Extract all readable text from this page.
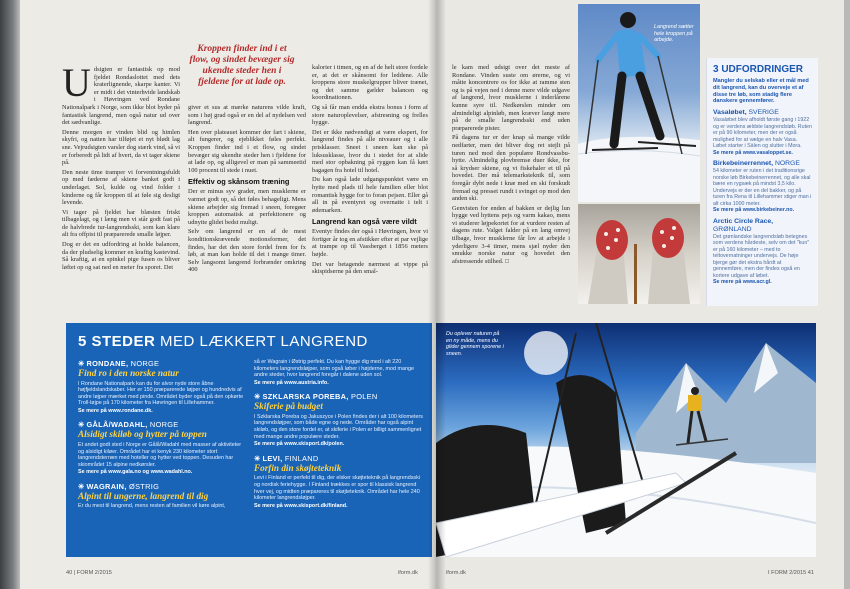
U dsigten er fantastisk op mod fjeldet Rondaslottet med dets kraterlignende, skarpe kanter. Vi er midt i det vinterhvide landskab i Høvringen ved Rondane Nationalpark i Norge, som ikke blot byder på fantastisk langrend, men også natur ud over det sædvanlige.

Denne morgen er vinden blid og himlen skyfri, og natten har tilføjet et nyt blødt lag sne. Vejrudsigten varsler dog stærk vind, så vi er forberedt på lidt af hvert, da vi tager skiene på.

Den neste time tramper vi forventningsfuldt op med fæderne af skiene banket godt i underlaget. Sol, kulde og vind folder i kinderne og får kroppen til at føle sig desligt levende.

Vi tager på fjeldet har blæsten friskt tilbagelagt, og i læng men vi står godt fast på de halvbrede tur-langrendsski, som kan klare alt fra offpist til præparerede smalle løjper.

Dog er det en udfordring at holde balancen, da der pludselig kommer en kraftig kastevind. Så kraftig, at en spinkel pige fusen os bliver løftet op og sat ned en meter fra sporet. Det

Kroppen finder ind i et flow, og sindet bevæger sig ukendte steder hen i fjeldene for at lade op.

giver et sus at mærke naturens vilde kraft, som i høj grad også er en del af nydelsen ved langrend.

Hen over plateauet kommer der fart i skiene, alt fungerer, og ejeblikket føles perfekt. Kroppen finder ind i et flow, og sindet bevæger sig ukendte steder hen i fjeldene for at lade op, og alligevel er man på sammeetid 100 procent til stede i nuet.

Effektiv og skånsom træning

Der er minus syv grader, men musklerne er varmet godt op, så det føles behageligt. Mens skiene arbejder sig fremad i sneen, foregøer kroppen automatisk at perfektionere og udnytte glidet bedst muligt.

Selv om langrend er en af de mest konditionskrævende motionsformer, det findes, har det den store fordel frem for fx løb, at man kan holde til det i mange timer. Selv langsomt langrend forbrænder omkring 400

kalorier i timen, og en af de helt store fordele er, at det er skånsomt for leddene. Alle kroppens store muskelgrupper bliver trænet, og det samme gælder balancen og koordinationen.

Og så får man endda ekstra bonus i form af store naturoplevelser, afstresning og frelles hygge.

Det er ikke nødvendigt at være ekspert, for langrend findes på alle niveauer og i alle prisklasser. Sneet i sneen kan ske på luksusklasse, hvor du i stedet for at slide med stor opbakning på ryggen kan få kørt bagagen fra hotel til hotel.

Du kan også lade udgangspunktet være en hytte med plads til hele familien eller blot romantisk hygge for to foran pejsen. Eller gå all in på eventyret og overnatte i telt i ødemarken.

Langrend kan også være vildt

Eventyr findes der også i Høvringen, hvor vi fortiger år tog en afstikker efter et par vejlige at trampe op til Vassberget i 1856 meters højde.

Det var betagende nærmest at vippe på skispidserne på den smal-

5 STEDER MED LÆKKERT LANGREND
✳ RONDANE, NORGE
Find ro i den norske natur
I Rondane Nationalpark kan du for alvor nyde store åbne højfjeldslandskaber. Her er 150 præparerede løjper og hundredvis af andre løjper mærket med pinde. Området byder også på den opkørte Troll-løjpe på 170 kilometer fra Høvringen til Lillehammer.
Se mere på www.rondane.dk.
✳ GÅLÅ/WADAHL, NORGE
Alsidigt skiløb og hytter på toppen
Et andet godt sted i Norge er Gålå/Wadahl med masser af aktiviteter og alsidigt kiløer. Området har et kenyk 230 kilometer stort langrendsterræn med hoteller og hytter ved toppen. Desuden har skiområdet 15 alpine nedkørsler.
Se mere på www.gala.no og www.wadahl.no.
✳ WAGRAIN, ØSTRIG
Alpint til ungerne, langrend til dig
Er du mest til langrend, mens resten af familien vil køre alpint,
så er Wagrain i Østrig perfekt. Du kan hygge dig med i alt 220 kilometers langrendsløjper, som også løber i højderne, mod mange andre steder, hvor langrend foregår i dalene uden sol.
Se mere på www.austria.info.
✳ SZKLARSKA POREBA, POLEN
Skiferie på budget
I Szklarska Poreba og Jakuszyce i Polen findes der i alt 100 kilometers langrendsløjper, som både egne og nede. Områder har også alpint skiløb, og den store fordel er, at skiferie i Polen er billigt sammenlignet med mange andre populære steder.
Se mere på www.skisport.dk/polen.
✳ LEVI, FINLAND
Forfin din skøjteteknik
Levi i Finland er perfekt til dig, der elsker skøjteteknik på langrendsski og nordisk feriehygge. I Finland trækkes er spor til klassisk langrend hver vej, og midten præpareres til skøjteteknik. Området har hele 240 kilometer langrendsløjper.
Se mere på www.skisport.dk/finland.
40 | FORM 2/2015	iform.dk

le kam med udsigt over det meste af Rondane. Vinden suste om ørerne, og vi måtte koncentrere os for ikke at ramme sten og is på vejen ned i denne mere vilde udgave af langrend, hvor musklerne i inderlårene kunne syre til. Nedkørslen minder om almindeligt alpinløb, men kræver langt mere på de smalle langrendsski end uden præparerede pister.

På dagens tur er der knap så mange vilde nedfarter, men det bliver dog ret stejlt på turen ned mod den populære Rondvassbu-hytte. Almindelig plovbremse duer ikke, for så krydser skiene, og vi fiskehaler et til på hovedet. Der må telemarksteknik til, som foregår dybt nede i knæ med en ski forskudt fremad og presset rundt i svinget op mod den anden ski.

Genvisten for enden af bakken er dejlig lun hygge ved hyttens pejs og varm kakao, mens vi studerer løjpekortet for at vurdere resten af dagens rute. Valget falder på en lang omvej tilbage, hvor musklerne får lov at arbejde i yderligere 3-4 timer, mens sjæl nyder den smukke norske natur og hovedet den afstressende stilhed. □

Langrend sætter hele kroppen på arbejde.
3 UDFORDRINGER
Mangler du selskab eller et mål med dit langrend, kan du overveje et af disse tre løb, som stadig flere danskere gennemfører.
Vasaløbet, SVERIGE
Vasaløbet blev afholdt første gang i 1922 og er verdens ældste langrendsløb. Ruten er på 90 kilometer, men der er også mulighed for at vælge en halv Vasa. Løbet starter i Sälen og slutter i Mora.
Se mere på www.vasaloppet.se.
Birkebeinerrennet, NORGE
54 kilometer er ruten i det traditionsrige norske løb Birkebeinerrennet, og alle skal bære en rygsæk på mindst 3,5 kilo. Undervejs er der en del bakker, og på turen fra Rena til Lillehammer stiger man i alt cirka 1000 meter.
Se mere på www.birkebeiner.no.
Arctic Circle Race, GRØNLAND
Det grønlandske langrendsløb betegnes som verdens hårdeste, selv om det "kun" er på 160 kilometer – med to teltovernatninger undervejs. De høje bjerge gør det ekstra hårdt at gennemføre, men der findes også en kortere udgave af løbet.
Se mere på www.acr.gl.
Du oplever naturen på en ny måde, mens du glider gennem sporene i sneen.
iform.dk	I FORM 2/2015 41
